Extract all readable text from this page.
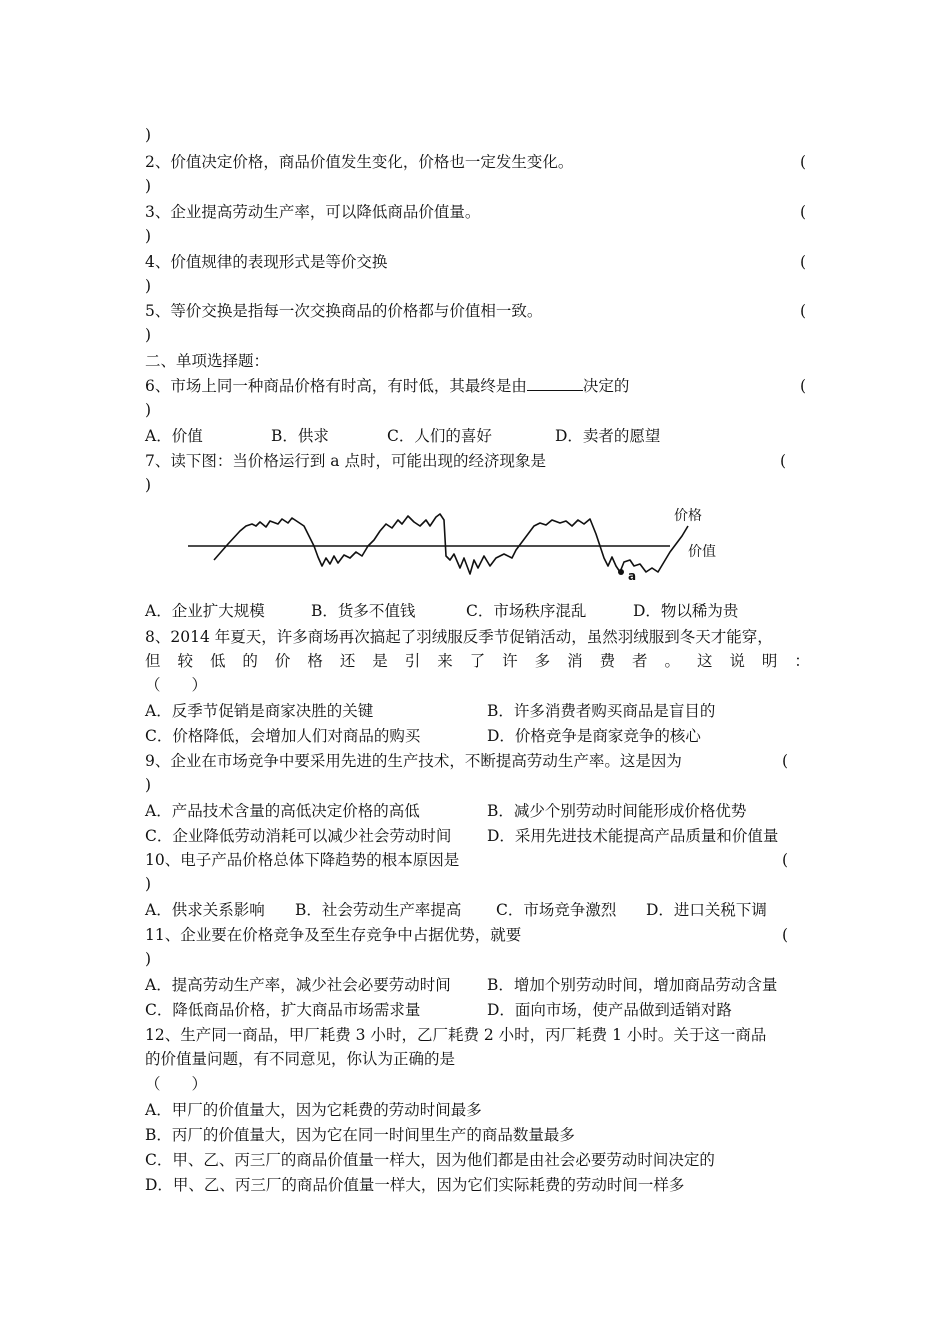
)
2、价值决定价格，商品价值发生变化，价格也一定发生变化。	(
)
3、企业提高劳动生产率，可以降低商品价值量。	(
)
4、价值规律的表现形式是等价交换	(
)
5、等价交换是指每一次交换商品的价格都与价值相一致。	(
)
二、单项选择题：
6、市场上同一种商品价格有时高，有时低，其最终是由	决定的	(
)
A．价值	B．供求	C．人们的喜好	D．卖者的愿望
7、读下图：当价格运行到 a 点时，可能出现的经济现象是	(
)
价格
价值
a
A．企业扩大规模	B．货多不值钱	C．市场秩序混乱	D．物以稀为贵
8、2014 年夏天，许多商场再次搞起了羽绒服反季节促销活动，虽然羽绒服到冬天才能穿，
但 较 低 的 价 格 还 是 引 来 了 许 多 消 费 者 。 这 说 明 ：
（　　）
A．反季节促销是商家决胜的关键	B．许多消费者购买商品是盲目的
C．价格降低，会增加人们对商品的购买	D．价格竞争是商家竞争的核心
9、企业在市场竞争中要采用先进的生产技术，不断提高劳动生产率。这是因为	(
)
A．产品技术含量的高低决定价格的高低	B．减少个别劳动时间能形成价格优势
C．企业降低劳动消耗可以减少社会劳动时间 D．采用先进技术能提高产品质量和价值量
10、电子产品价格总体下降趋势的根本原因是	(
)
A．供求关系影响 B．社会劳动生产率提高 C．市场竞争激烈 D．进口关税下调
11、企业要在价格竞争及至生存竞争中占据优势，就要	(
)
A．提高劳动生产率，减少社会必要劳动时间 B．增加个别劳动时间，增加商品劳动含量
C．降低商品价格，扩大商品市场需求量	D．面向市场，使产品做到适销对路
12、生产同一商品，甲厂耗费 3 小时，乙厂耗费 2 小时，丙厂耗费 1 小时。关于这一商品
的价值量问题，有不同意见，你认为正确的是
（　　）
A．甲厂的价值量大，因为它耗费的劳动时间最多
B．丙厂的价值量大，因为它在同一时间里生产的商品数量最多
C．甲、乙、丙三厂的商品价值量一样大，因为他们都是由社会必要劳动时间决定的
D．甲、乙、丙三厂的商品价值量一样大，因为它们实际耗费的劳动时间一样多
